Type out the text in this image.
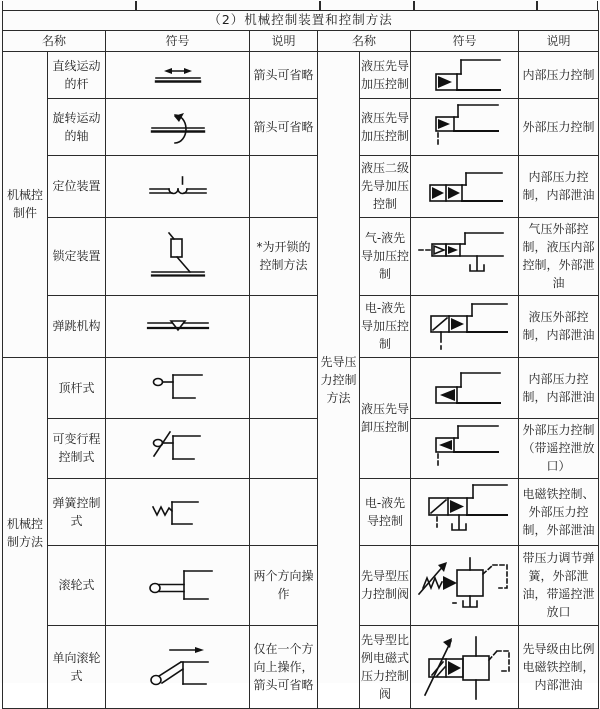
（2）机械控制装置和控制方法							
名称		符号	说明	名称		符号	说明
机械控制件	直线运动的杆		箭头可省略	先导压力控制方法	液压先导加压控制		内部压力控制
	旋转运动的轴		箭头可省略		液压先导加压控制		外部压力控制
	定位装置				液压二级先导加压控制		内部压力控制，内部泄油
	锁定装置		*为开锁的控制方法		气-液先导加压控制		气压外部控制，液压内部控制，外部泄油
	弹跳机构				电-液先导加压控制		液压外部控制，内部泄油
机械控制方法	顶杆式				液压先导卸压控制		内部压力控制，内部泄油
	可变行程控制式						外部压力控制（带遥控泄放口）
	弹簧控制式				电-液先导控制		电磁铁控制、外部压力控制，外部泄油
	滚轮式		两个方向操作		先导型压力控制阀		带压力调节弹簧，外部泄油，带遥控泄放口
	单向滚轮式		仅在一个方向上操作，箭头可省略		先导型比例电磁式压力控制阀		先导级由比例电磁铁控制，内部泄油
